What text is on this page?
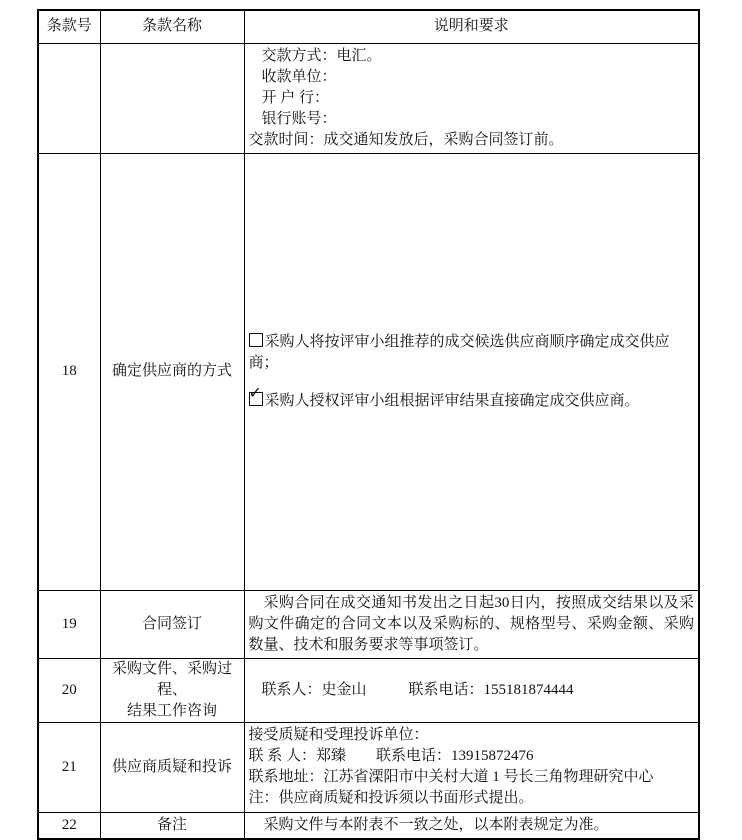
条款号	条款名称	说明和要求

		交款方式：电汇。
收款单位：
开 户 行：
银行账号：
交款时间：成交通知发放后，采购合同签订前。

18	确定供应商的方式	采购人将按评审小组推荐的成交候选供应商顺序确定成交供应商；
✓ 采购人授权评审小组根据评审结果直接确定成交供应商。

19	合同签订	采购合同在成交通知书发出之日起30日内，按照成交结果以及采购文件确定的合同文本以及采购标的、规格型号、采购金额、采购数量、技术和服务要求等事项签订。

20	采购文件、采购过程、
结果工作咨询	联系人：史金山 联系电话：155181874444

21	供应商质疑和投诉	接受质疑和受理投诉单位：
联 系 人：郑臻　　联系电话：13915872476
联系地址：江苏省溧阳市中关村大道 1 号长三角物理研究中心
注：供应商质疑和投诉须以书面形式提出。

22	备注	采购文件与本附表不一致之处，以本附表规定为准。
